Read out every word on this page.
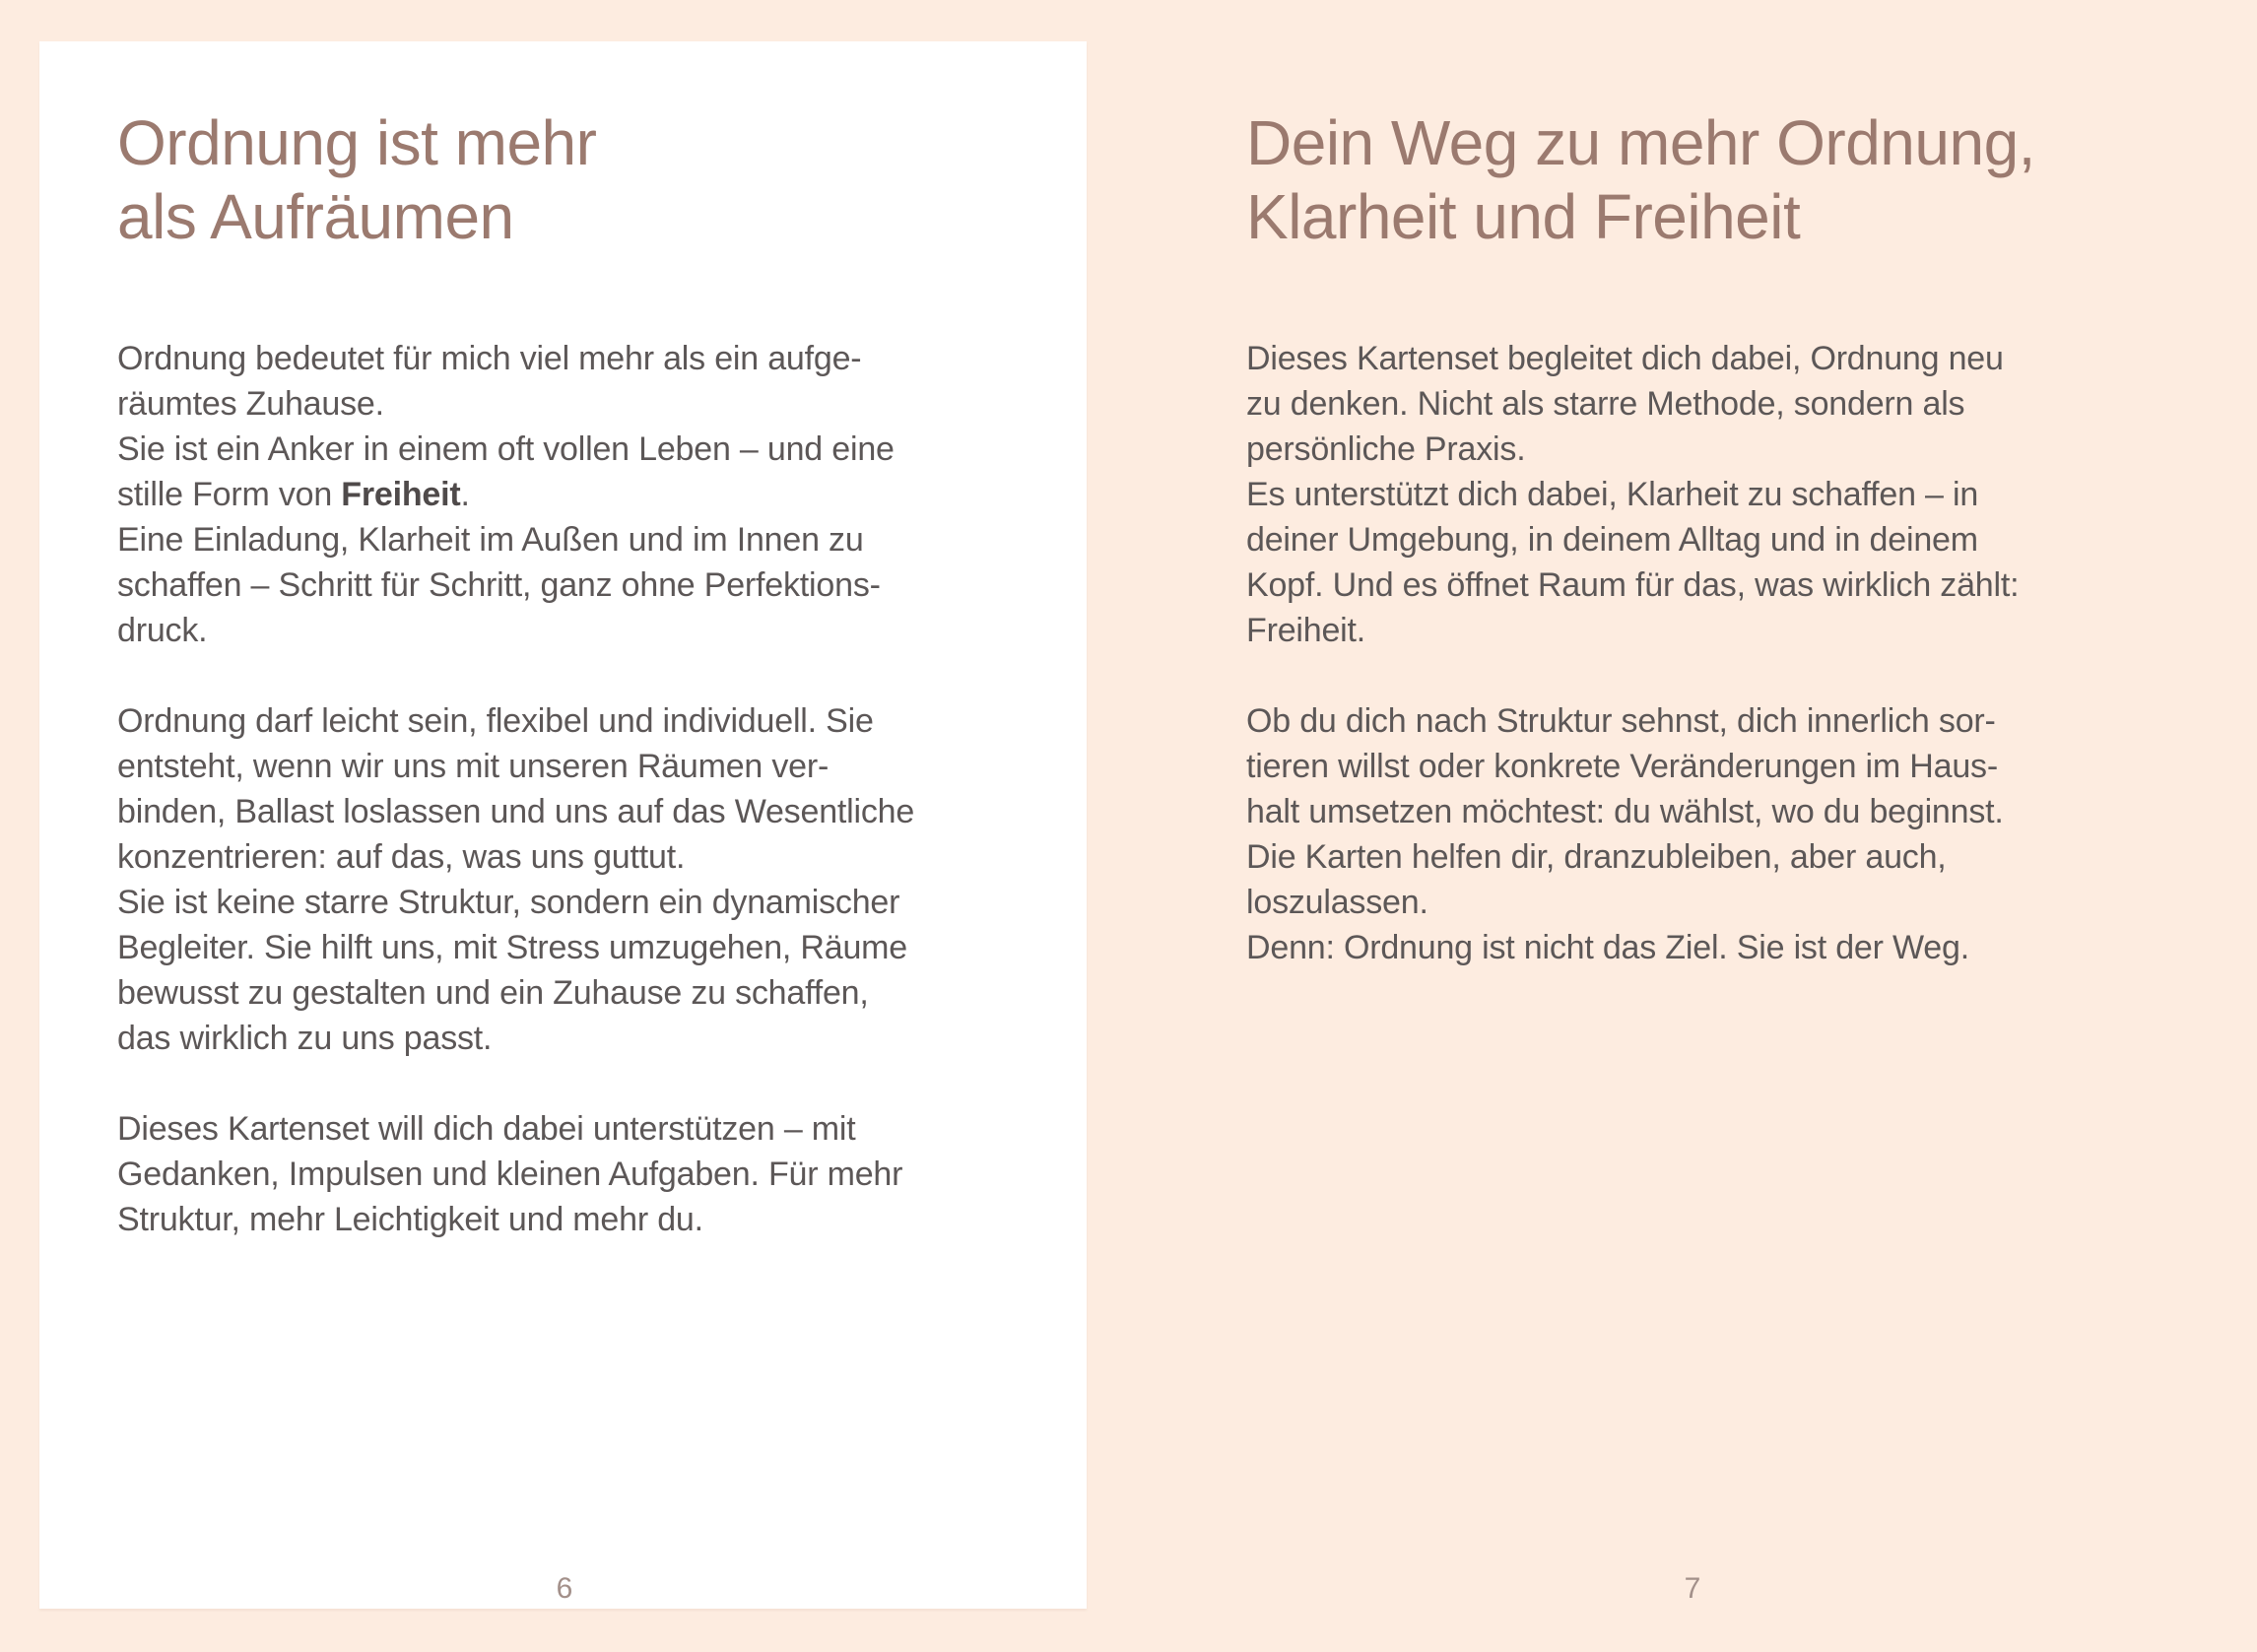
Ordnung ist mehr
als Aufräumen
Ordnung bedeutet für mich viel mehr als ein aufge-
räumtes Zuhause.
Sie ist ein Anker in einem oft vollen Leben – und eine
stille Form von Freiheit.
Eine Einladung, Klarheit im Außen und im Innen zu
schaffen – Schritt für Schritt, ganz ohne Perfektions-
druck.
Ordnung darf leicht sein, flexibel und individuell. Sie
entsteht, wenn wir uns mit unseren Räumen ver-
binden, Ballast loslassen und uns auf das Wesentliche
konzentrieren: auf das, was uns guttut.
Sie ist keine starre Struktur, sondern ein dynamischer
Begleiter. Sie hilft uns, mit Stress umzugehen, Räume
bewusst zu gestalten und ein Zuhause zu schaffen,
das wirklich zu uns passt.
Dieses Kartenset will dich dabei unterstützen – mit
Gedanken, Impulsen und kleinen Aufgaben. Für mehr
Struktur, mehr Leichtigkeit und mehr du.
6
Dein Weg zu mehr Ordnung,
Klarheit und Freiheit
Dieses Kartenset begleitet dich dabei, Ordnung neu
zu denken. Nicht als starre Methode, sondern als
persönliche Praxis.
Es unterstützt dich dabei, Klarheit zu schaffen – in
deiner Umgebung, in deinem Alltag und in deinem
Kopf. Und es öffnet Raum für das, was wirklich zählt:
Freiheit.
Ob du dich nach Struktur sehnst, dich innerlich sor-
tieren willst oder konkrete Veränderungen im Haus-
halt umsetzen möchtest: du wählst, wo du beginnst.
Die Karten helfen dir, dranzubleiben, aber auch,
loszulassen.
Denn: Ordnung ist nicht das Ziel. Sie ist der Weg.
7
